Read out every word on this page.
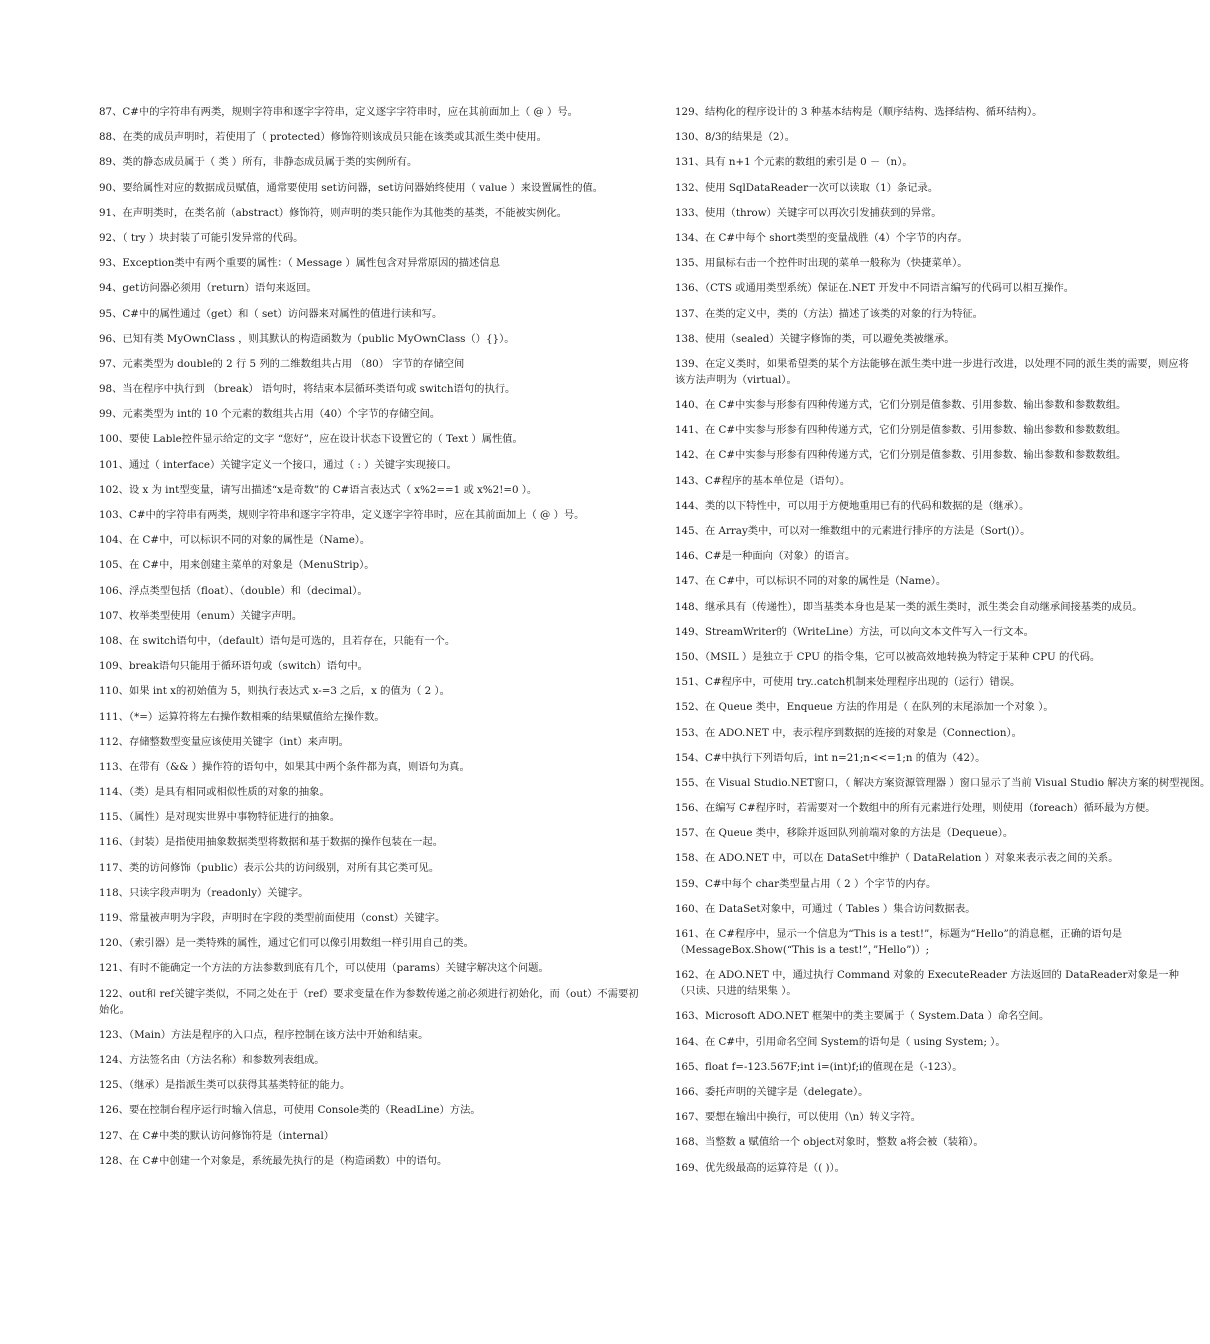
87、C#中的字符串有两类，规则字符串和逐字字符串，定义逐字字符串时，应在其前面加上（ @ ）号。
88、在类的成员声明时，若使用了（ protected）修饰符则该成员只能在该类或其派生类中使用。
89、类的静态成员属于（ 类 ）所有，非静态成员属于类的实例所有。
90、要给属性对应的数据成员赋值，通常要使用 set访问器，set访问器始终使用（ value ）来设置属性的值。
91、在声明类时，在类名前（abstract）修饰符，则声明的类只能作为其他类的基类，不能被实例化。
92、（ try ）块封装了可能引发异常的代码。
93、Exception类中有两个重要的属性：（ Message ）属性包含对异常原因的描述信息
94、get访问器必须用（return）语句来返回。
95、C#中的属性通过（get）和（ set）访问器来对属性的值进行读和写。
96、已知有类 MyOwnClass ，则其默认的构造函数为（public MyOwnClass（）{}）。
97、元素类型为 double的 2 行 5 列的二维数组共占用 （80） 字节的存储空间
98、当在程序中执行到 （break） 语句时，将结束本层循环类语句或 switch语句的执行。
99、元素类型为 int的 10 个元素的数组共占用（40）个字节的存储空间。
100、要使 Lable控件显示给定的文字 “您好”，应在设计状态下设置它的（ Text ）属性值。
101、通过（ interface）关键字定义一个接口，通过（ : ）关键字实现接口。
102、设 x 为 int型变量，请写出描述“x是奇数”的 C#语言表达式（ x%2==1 或 x%2!=0 ）。
103、C#中的字符串有两类，规则字符串和逐字字符串，定义逐字字符串时，应在其前面加上（ @ ）号。
104、在 C#中，可以标识不同的对象的属性是（Name）。
105、在 C#中，用来创建主菜单的对象是（MenuStrip）。
106、浮点类型包括（float）、（double）和（decimal）。
107、枚举类型使用（enum）关键字声明。
108、在 switch语句中，（default）语句是可选的，且若存在，只能有一个。
109、break语句只能用于循环语句或（switch）语句中。
110、如果 int x的初始值为 5，则执行表达式 x-=3 之后，x 的值为（ 2 ）。
111、（*=）运算符将左右操作数相乘的结果赋值给左操作数。
112、存储整数型变量应该使用关键字（int）来声明。
113、在带有（&& ）操作符的语句中，如果其中两个条件都为真，则语句为真。
114、（类）是具有相同或相似性质的对象的抽象。
115、（属性）是对现实世界中事物特征进行的抽象。
116、（封装）是指使用抽象数据类型将数据和基于数据的操作包装在一起。
117、类的访问修饰（public）表示公共的访问级别，对所有其它类可见。
118、只读字段声明为（readonly）关键字。
119、常量被声明为字段，声明时在字段的类型前面使用（const）关键字。
120、（索引器）是一类特殊的属性，通过它们可以像引用数组一样引用自己的类。
121、有时不能确定一个方法的方法参数到底有几个，可以使用（params）关键字解决这个问题。
122、out和 ref关键字类似，不同之处在于（ref）要求变量在作为参数传递之前必须进行初始化，而（out）不需要初始化。
123、（Main）方法是程序的入口点，程序控制在该方法中开始和结束。
124、方法签名由（方法名称）和参数列表组成。
125、（继承）是指派生类可以获得其基类特征的能力。
126、要在控制台程序运行时输入信息，可使用 Console类的（ReadLine）方法。
127、在 C#中类的默认访问修饰符是（internal）
128、在 C#中创建一个对象是，系统最先执行的是（构造函数）中的语句。
129、结构化的程序设计的 3 种基本结构是（顺序结构、选择结构、循环结构）。
130、8/3的结果是（2）。
131、具有 n+1 个元素的数组的索引是 0 －（n）。
132、使用 SqlDataReader一次可以读取（1）条记录。
133、使用（throw）关键字可以再次引发捕获到的异常。
134、在 C#中每个 short类型的变量战胜（4）个字节的内存。
135、用鼠标右击一个控件时出现的菜单一般称为（快捷菜单）。
136、（CTS 或通用类型系统）保证在.NET 开发中不同语言编写的代码可以相互操作。
137、在类的定义中，类的（方法）描述了该类的对象的行为特征。
138、使用（sealed）关键字修饰的类，可以避免类被继承。
139、在定义类时，如果希望类的某个方法能够在派生类中进一步进行改进，以处理不同的派生类的需要，则应将该方法声明为（virtual）。
140、在 C#中实参与形参有四种传递方式，它们分别是值参数、引用参数、输出参数和参数数组。
141、在 C#中实参与形参有四种传递方式，它们分别是值参数、引用参数、输出参数和参数数组。
142、在 C#中实参与形参有四种传递方式，它们分别是值参数、引用参数、输出参数和参数数组。
143、C#程序的基本单位是（语句）。
144、类的以下特性中，可以用于方便地重用已有的代码和数据的是（继承）。
145、在 Array类中，可以对一维数组中的元素进行排序的方法是（Sort()）。
146、C#是一种面向（对象）的语言。
147、在 C#中，可以标识不同的对象的属性是（Name）。
148、继承具有（传递性），即当基类本身也是某一类的派生类时，派生类会自动继承间接基类的成员。
149、StreamWriter的（WriteLine）方法，可以向文本文件写入一行文本。
150、（MSIL ）是独立于 CPU 的指令集，它可以被高效地转换为特定于某种 CPU 的代码。
151、C#程序中，可使用 try..catch机制来处理程序出现的（运行）错误。
152、在 Queue 类中，Enqueue 方法的作用是（ 在队列的末尾添加一个对象 ）。
153、在 ADO.NET 中，表示程序到数据的连接的对象是（Connection）。
154、C#中执行下列语句后，int n=21;n<<=1;n 的值为（42）。
155、在 Visual Studio.NET窗口，（ 解决方案资源管理器 ）窗口显示了当前 Visual Studio 解决方案的树型视图。
156、在编写 C#程序时，若需要对一个数组中的所有元素进行处理，则使用（foreach）循环最为方便。
157、在 Queue 类中，移除并返回队列前端对象的方法是（Dequeue）。
158、在 ADO.NET 中，可以在 DataSet中维护（ DataRelation ）对象来表示表之间的关系。
159、C#中每个 char类型量占用（ 2 ）个字节的内存。
160、在 DataSet对象中，可通过（ Tables ）集合访问数据表。
161、在 C#程序中，显示一个信息为“This is a test!”，标题为“Hello”的消息框，正确的语句是（MessageBox.Show(“This is a test!”，”Hello”)）;
162、在 ADO.NET 中，通过执行 Command 对象的 ExecuteReader 方法返回的 DataReader对象是一种（只读、只进的结果集 ）。
163、Microsoft ADO.NET 框架中的类主要属于（ System.Data ）命名空间。
164、在 C#中，引用命名空间 System的语句是（ using System; ）。
165、float f=-123.567F;int i=(int)f;i的值现在是（-123）。
166、委托声明的关键字是（delegate）。
167、要想在输出中换行，可以使用（\n）转义字符。
168、当整数 a 赋值给一个 object对象时，整数 a将会被（装箱）。
169、优先级最高的运算符是（( )）。
